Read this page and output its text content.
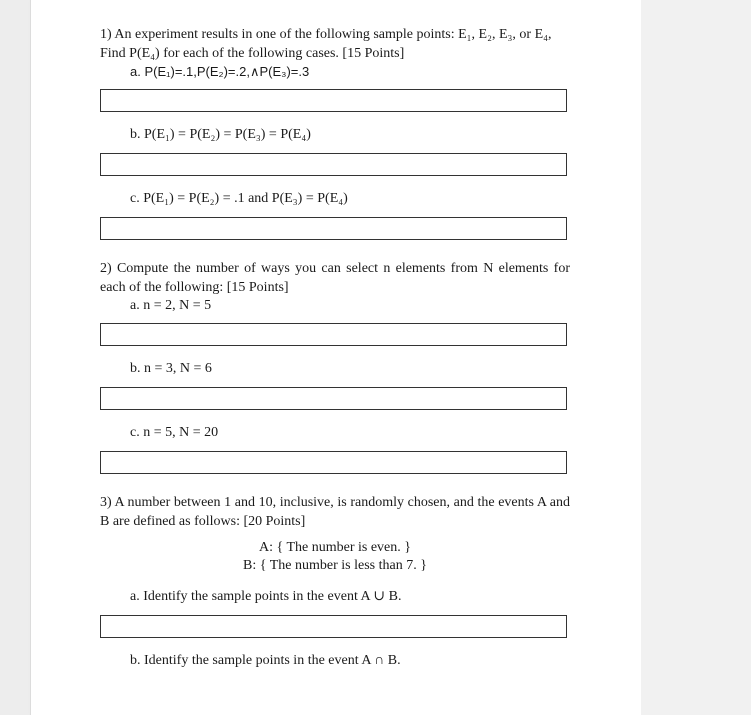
1) An experiment results in one of the following sample points: E₁, E₂, E₃, or E₄,
Find P(E₄) for each of the following cases. [15 Points]
a. P(E₁)=.1,P(E₂)=.2,∧P(E₃)=.3
b. P(E₁) = P(E₂) = P(E₃) = P(E₄)
c. P(E₁) = P(E₂) = .1 and P(E₃) = P(E₄)
2) Compute the number of ways you can select n elements from N elements for each of the following: [15 Points]
a. n = 2, N = 5
b. n = 3, N = 6
c. n = 5, N = 20
3) A number between 1 and 10, inclusive, is randomly chosen, and the events A and B are defined as follows: [20 Points]
A: { The number is even. }
B: { The number is less than 7. }
a. Identify the sample points in the event A ∪ B.
b. Identify the sample points in the event A ∩ B.
